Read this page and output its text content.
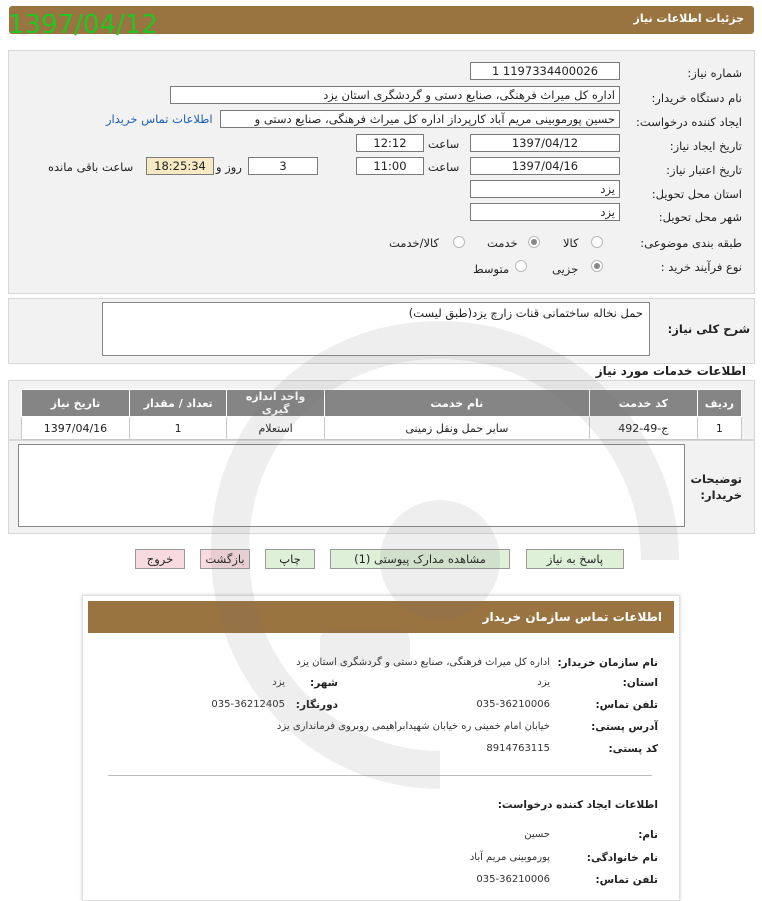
جزئیات اطلاعات نیاز
1397/04/12
شماره نیاز:
1197334400026 1
نام دستگاه خریدار:
اداره کل میراث فرهنگی، صنایع دستی و گردشگری استان یزد
ایجاد کننده درخواست:
حسین پورموبینی مریم آباد کارپرداز اداره کل میراث فرهنگی، صنایع دستی و
اطلاعات تماس خریدار
تاریخ ایجاد نیاز:
1397/04/12
ساعت
12:12
تاریخ اعتبار نیاز:
1397/04/16
ساعت
11:00
3
روز و
18:25:34
ساعت باقی مانده
استان محل تحویل:
یزد
شهر محل تحویل:
یزد
طبقه بندی موضوعی:
کالا
خدمت
کالا/خدمت
نوع فرآیند خرید :
جزیی
متوسط
شرح کلی نیاز:
حمل نخاله ساختمانی قنات زارچ یزد(طبق لیست)
اطلاعات خدمات مورد نیاز
ردیف	کد خدمت	نام خدمت	واحد اندازه گیری	تعداد / مقدار	تاریخ نیاز
1	ج-49-492	سایر حمل ونقل زمینی	استعلام	1	1397/04/16
توضیحات
خریدار:
پاسخ به نیاز
مشاهده مدارک پیوستی (1)
چاپ
بازگشت
خروج
اطلاعات تماس سازمان خریدار
نام سازمان خریدار:
اداره کل میراث فرهنگی، صنایع دستی و گردشگری استان یزد
استان:
یزد
شهر:
یزد
تلفن تماس:
035-36210006
دورنگار:
035-36212405
آدرس پستی:
خیابان امام خمینی ره خیابان شهیدابراهیمی روبروی فرمانداری یزد
کد پستی:
8914763115
اطلاعات ایجاد کننده درخواست:
نام:
حسین
نام خانوادگی:
پورموبینی مریم آباد
تلفن تماس:
035-36210006
